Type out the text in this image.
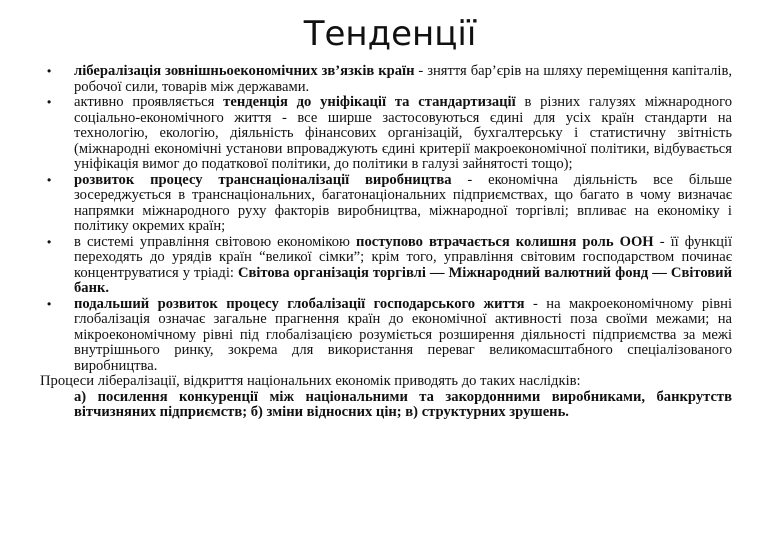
Тенденції
• лібералізація зовнішньоекономічних зв’язків країн - зняття бар’єрів на шляху переміщення капіталів, робочої сили, товарів між державами.
• активно проявляється тенденція до уніфікації та стандартизації в різних галузях міжнародного соціально-економічного життя - все ширше застосовуються єдині для усіх країн стандарти на технологію, екологію, діяльність фінансових організацій, бухгалтерську і статистичну звітність (міжнародні економічні установи впроваджують єдині критерії макроекономічної політики, відбувається уніфікація вимог до податкової політики, до політики в галузі зайнятості тощо);
• розвиток процесу транснаціоналізації виробництва - економічна діяльність все більше зосереджується в транснаціональних, багатонаціональних підприємствах, що багато в чому визначає напрямки міжнародного руху факторів виробництва, міжнародної торгівлі; впливає на економіку і політику окремих країн;
• в системі управління світовою економікою поступово втрачається колишня роль ООН - її функції переходять до урядів країн “великої сімки”; крім того, управління світовим господарством починає концентруватися у тріаді: Світова організація торгівлі — Міжнародний валютний фонд — Світовий банк.
• подальший розвиток процесу глобалізації господарського життя - на макроекономічному рівні глобалізація означає загальне прагнення країн до економічної активності поза своїми межами; на мікроекономічному рівні під глобалізацією розуміється розширення діяльності підприємства за межі внутрішнього ринку, зокрема для використання переваг великомасштабного спеціалізованого виробництва.
Процеси лібералізації, відкриття національних економік приводять до таких наслідків:
а) посилення конкуренції між національними та закордонними виробниками, банкрутств вітчизняних підприємств; б) зміни відносних цін; в) структурних зрушень.
